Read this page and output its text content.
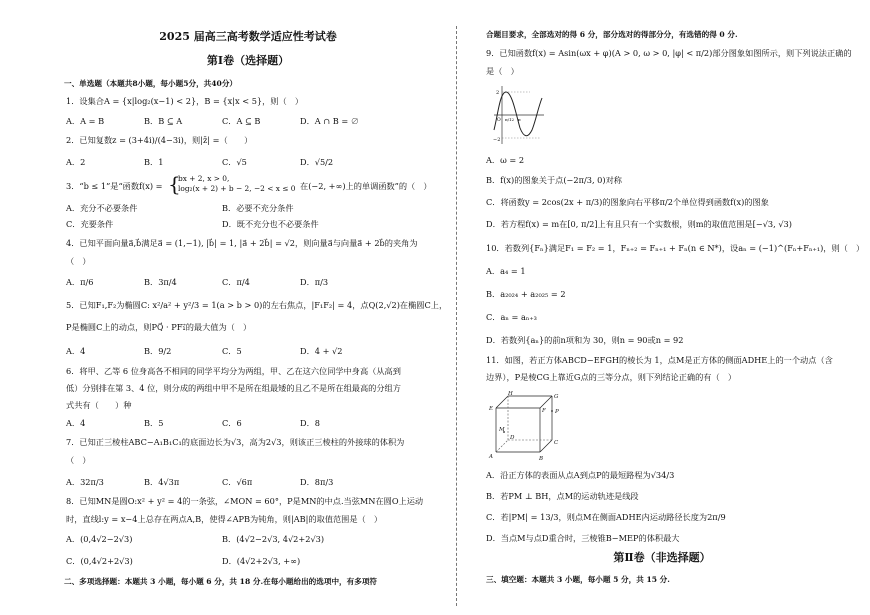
2025 届高三高考数学适应性考试卷
第Ⅰ卷（选择题）
一、单选题（本题共8小题，每小题5分，共40分）
1．设集合A = {x|log₂(x−1) < 2}，B = {x|x < 5}，则（　）
A．A = B	B．B ⊆ A	C．A ⊆ B	D．A ∩ B = ∅
2．已知复数z = (3+4i)/(4−3i)，则|z̄| =（　　）
A．2	B．1	C．√5	D．√5/2
3．“b ≤ 1”是“函数f(x) = {
bx + 2, x > 0,
log₂(x + 2) + b − 2, −2 < x ≤ 0 在(−2, +∞)上的单调函数”的（　）
A．充分不必要条件	B．必要不充分条件
C．充要条件	D．既不充分也不必要条件
4．已知平面向量a⃗,b⃗满足a⃗ = (1,−1), |b⃗| = 1, |a⃗ + 2b⃗| = √2，则向量a⃗与向量a⃗ + 2b⃗的夹角为
（　）
A．π/6	B．3π/4	C．π/4	D．π/3
5．已知F₁,F₂为椭圆C: x²/a² + y²/3 = 1(a > b > 0)的左右焦点，|F₁F₂| = 4，点Q(2,√2)在椭圆C上，
P是椭圆C上的动点，则PQ⃗ · PF₁⃗的最大值为（　）
A．4	B．9/2	C．5	D．4 + √2
6．将甲、乙等 6 位身高各不相同的同学平均分为两组，甲、乙在这六位同学中身高（从高到
低）分别排在第 3、4 位，则分成的两组中甲不是所在组最矮的且乙不是所在组最高的分组方
式共有（　　）种
A．4	B．5	C．6	D．8
7．已知正三棱柱ABC−A₁B₁C₁的底面边长为√3，高为2√3，则该正三棱柱的外接球的体积为
（　）
A．32π/3	B．4√3π	C．√6π	D．8π/3
8．已知MN是圆O:x² + y² = 4的一条弦，∠MON = 60°，P是MN的中点.当弦MN在圆O上运动
时，直线l:y = x−4上总存在两点A,B，使得∠APB为钝角，则|AB|的取值范围是（　）
A．(0,4√2−2√3)	B．(4√2−2√3, 4√2+2√3)
C．(0,4√2+2√3)	D．(4√2+2√3, +∞)
二、多项选择题：本题共 3 小题，每小题 6 分，共 18 分.在每小题给出的选项中，有多项符
合题目要求，全部选对的得 6 分，部分选对的得部分分，有选错的得 0 分.
9．已知函数f(x) = Asin(ωx + φ)(A > 0, ω > 0, |φ| < π/2)部分图象如图所示，则下列说法正确的
是（　）
2
−2
O π/12 π
A．ω = 2
B．f(x)的图象关于点(−2π/3, 0)对称
C．将函数y = 2cos(2x + π/3)的图象向右平移π/2个单位得到函数f(x)的图象
D．若方程f(x) = m在[0, π/2]上有且只有一个实数根，则m的取值范围是[−√3, √3)
10．若数列{Fₙ}满足F₁ = F₂ = 1，Fₙ₊₂ = Fₙ₊₁ + Fₙ(n ∈ N*)，设aₙ = (−1)^(Fₙ+Fₙ₊₁)，则（　）
A．a₄ = 1
B．a₂₀₂₄ + a₂₀₂₅ = 2
C．aₙ = aₙ₊₃
D．若数列{aₙ}的前n项和为 30，则n = 90或n = 92
11．如图，若正方体ABCD−EFGH的棱长为 1，点M是正方体的侧面ADHE上的一个动点（含
边界），P是棱CG上靠近G点的三等分点，则下列结论正确的有（　）
E	F
G
H
A	B
C
D
M
P
A．沿正方体的表面从点A到点P的最短路程为√34/3
B．若PM ⊥ BH，点M的运动轨迹是线段
C．若|PM| = 13/3，则点M在侧面ADHE内运动路径长度为2π/9
D．当点M与点D重合时，三棱锥B−MEP的体积最大
第Ⅱ卷（非选择题）
三、填空题：本题共 3 小题，每小题 5 分，共 15 分.
